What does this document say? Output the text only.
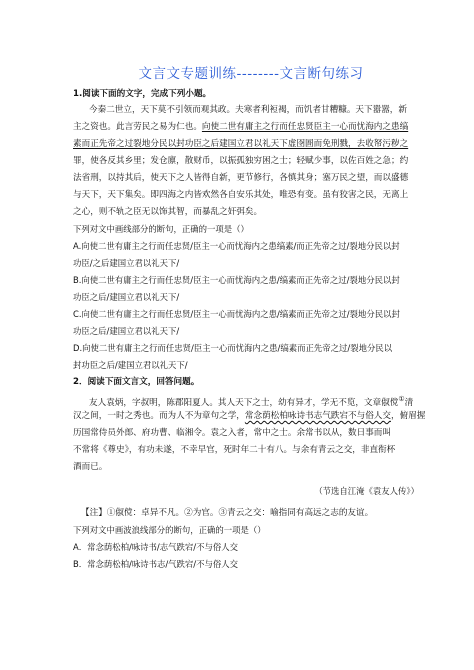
文言文专题训练--------文言断句练习
1.阅读下面的文字，完成下列小题。
今秦二世立，天下莫不引领而观其政。夫寒者利裋褐，而饥者甘糟糠。天下嚣嚣，新
主之资也。此言劳民之易为仁也。向使二世有庸主之行而任忠贤臣主一心而忧海内之患缟
素而正先帝之过裂地分民以封功臣之后建国立君以礼天下虚囹圄而免刑戮，去收帑污秽之
罪，使各反其乡里；发仓廪，散财币，以振孤独穷困之士；轻赋少事，以佐百姓之急；约
法省刑，以持其后，使天下之人皆得自新，更节修行，各慎其身；塞万民之望，而以盛德
与天下，天下集矣。即四海之内皆欢然各自安乐其处，唯恐有变。虽有狡害之民，无离上
之心，则不轨之臣无以饰其智，而暴乱之奸弭矣。
下列对文中画线部分的断句，正确的一项是（）
A.向使二世有庸主之行而任忠贤/臣主一心而忧海内之患缟素/而正先帝之过/裂地分民以封
功臣/之后建国立君以礼天下/
B.向使二世有庸主之行而任忠贤/臣主一心而忧海内之患/缟素而正先帝之过/裂地分民以封
功臣之后/建国立君以礼天下/
C.向使二世有庸主之行而任忠贤/臣主一心而忧海内之患/缟素而正先帝之过/裂地分民以封
功臣之后/建国立君以礼天下/
D.向使二世有庸主之行而任忠贤/臣主一心而忧海内之患/缟素而正先帝之过/裂地分民以
封功臣之后/建国立君以礼天下/
2．阅读下面文言文，回答问题。
友人袁炳，字叔明，陈郡阳夏人。其人天下之士，幼有异才，学无不览，文章俶傥①清
汉之间，一时之秀也。而为人不为章句之学，常念荫松柏咏诗书志气跌宕不与俗人交，俯眉握
历国常侍员外郎、府功曹、临湘令。袁之入者，常中之士。余常书以从，数日事而叫
不常将《尊史》，有功未遂，不幸早官，死时年二十有八。与余有青云之交，非直衔杯
酒而已。
（节选自江淹《袁友人传》）
【注】①俶傥：卓异不凡。②为官。③青云之交：喻指同有高远之志的友谊。
下列对文中画波浪线部分的断句，正确的一项是（）
A．常念荫松柏/咏诗书/志气跌宕/不与俗人交
B．常念荫松柏/咏诗书志/气跌宕/不与俗人交
